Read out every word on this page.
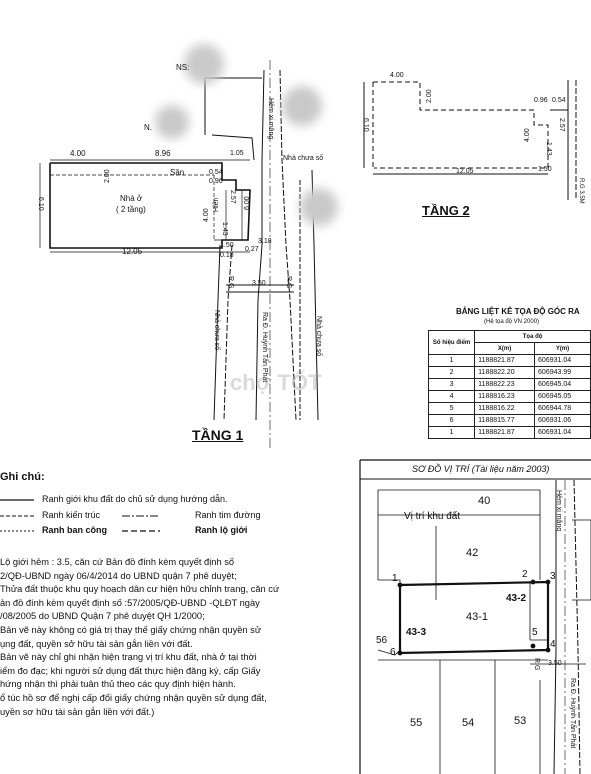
NS:
N.	Hẻm xi măng
Nhà chưa số
4.00	8.96	1.05
Sân	0.54
0.96
2.00
Nhà ở
( 2 tầng)	Hiên
2.57
4.00
1.43
6.00
6.10
12.05
1.50
3.18
0.18
0.27
R.G	R.G
3.50
Nhà chưa số	Ra Đ. Huỳnh Tấn Phát	Nhà chưa số
TẦNG 1
4.00
2.00
6.10
0.96 0.54
2.57
4.00
1.43
12.05	1.50
R.G 3.5M
TẦNG 2
BẢNG LIỆT KÊ TỌA ĐỘ GÓC RA
(Hệ tọa độ VN 2000)
Số hiệu điểm	Tọa độ	
	X(m)	Y(m)
1	1188821.87	606931.04
2	1188822.20	606943.99
3	1188822.23	606945.04
4	1188816.23	606945.05
5	1188816.22	606944.78
6	1188815.77	606931.06
1	1188821.87	606931.04
Ghi chú:
Ranh giới khu đất do chủ sử dụng hướng dẫn.
Ranh kiến trúc	Ranh tim đường
Ranh ban công	Ranh lộ giới
Lộ giới hẻm : 3.5, căn cứ Bản đồ đính kèm quyết định số
2/QĐ-UBND ngày 06/4/2014 do UBND quận 7 phê duyệt;
Thửa đất thuộc khu quy hoạch dân cư hiện hữu chỉnh trang, căn cứ
ản đồ đính kèm quyết định số :57/2005/QĐ-UBND -QLĐT ngày
/08/2005 do UBND Quận 7 phê duyệt QH 1/2000;
Bản vẽ này không có giá trị thay thế giấy chứng nhận quyền sử
ụng đất, quyền sở hữu tài sản gắn liền với đất.
Bản vẽ này chỉ ghi nhận hiện trạng vị trí khu đất, nhà ở tại thời
iểm đo đạc; khi người sử dụng đất thực hiện đăng ký, cấp Giấy
hứng nhận thì phải tuân thủ theo các quy định hiện hành.
ổ túc hồ sơ để nghị cấp đổi giấy chứng nhận quyền sử dụng đất,
uyền sơ hữu tài sản gắn liền với đất.)
SƠ ĐỒ VỊ TRÍ (Tài liệu năm 2003)
40
Vị trí khu đất	Hẻm xi măng
42
43-1
43-2
43-3
56
1	2 3
4
5
6
R.G 3.50
Ra Đ. Huỳnh Tấn Phát
55	54	53
chợ TỐT
